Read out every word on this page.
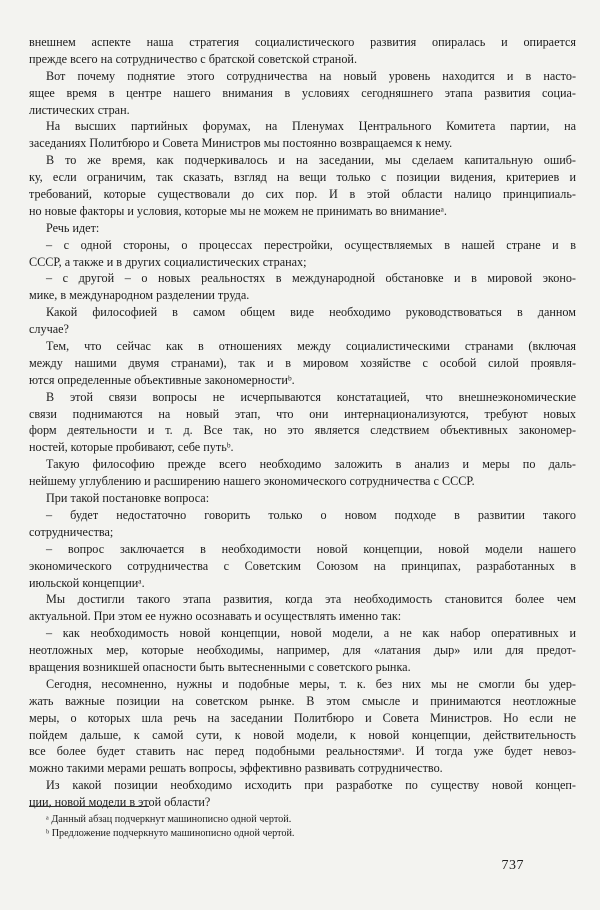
внешнем аспекте наша стратегия социалистического развития опиралась и опирается
прежде всего на сотрудничество с братской советской страной.
Вот почему поднятие этого сотрудничества на новый уровень находится и в насто-
ящее время в центре нашего внимания в условиях сегодняшнего этапа развития социа-
листических стран.
На высших партийных форумах, на Пленумах Центрального Комитета партии, на
заседаниях Политбюро и Совета Министров мы постоянно возвращаемся к нему.
В то же время, как подчеркивалось и на заседании, мы сделаем капитальную ошиб-
ку, если ограничим, так сказать, взгляд на вещи только с позиции видения, критериев и
требований, которые существовали до сих пор. И в этой области налицо принципиаль-
но новые факторы и условия, которые мы не можем не принимать во вниманиеᵃ.
Речь идет:
– с одной стороны, о процессах перестройки, осуществляемых в нашей стране и в
СССР, а также и в других социалистических странах;
– с другой – о новых реальностях в международной обстановке и в мировой эконо-
мике, в международном разделении труда.
Какой философией в самом общем виде необходимо руководствоваться в данном
случае?
Тем, что сейчас как в отношениях между социалистическими странами (включая
между нашими двумя странами), так и в мировом хозяйстве с особой силой проявля-
ются определенные объективные закономерностиᵇ.
В этой связи вопросы не исчерпываются констатацией, что внешнеэкономические
связи поднимаются на новый этап, что они интернационализуются, требуют новых
форм деятельности и т. д. Все так, но это является следствием объективных закономер-
ностей, которые пробивают, себе путьᵇ.
Такую философию прежде всего необходимо заложить в анализ и меры по даль-
нейшему углублению и расширению нашего экономического сотрудничества с СССР.
При такой постановке вопроса:
– будет недостаточно говорить только о новом подходе в развитии такого
сотрудничества;
– вопрос заключается в необходимости новой концепции, новой модели нашего
экономического сотрудничества с Советским Союзом на принципах, разработанных в
июльской концепцииᵃ.
Мы достигли такого этапа развития, когда эта необходимость становится более чем
актуальной. При этом ее нужно осознавать и осуществлять именно так:
– как необходимость новой концепции, новой модели, а не как набор оперативных и
неотложных мер, которые необходимы, например, для «латания дыр» или для предот-
вращения возникшей опасности быть вытесненными с советского рынка.
Сегодня, несомненно, нужны и подобные меры, т. к. без них мы не смогли бы удер-
жать важные позиции на советском рынке. В этом смысле и принимаются неотложные
меры, о которых шла речь на заседании Политбюро и Совета Министров. Но если не
пойдем дальше, к самой сути, к новой модели, к новой концепции, действительность
все более будет ставить нас перед подобными реальностямиᵃ. И тогда уже будет невоз-
можно такими мерами решать вопросы, эффективно развивать сотрудничество.
Из какой позиции необходимо исходить при разработке по существу новой концеп-
ции, новой модели в этой области?
ᵃ Данный абзац подчеркнут машинописно одной чертой.
ᵇ Предложение подчеркнуто машинописно одной чертой.
737
